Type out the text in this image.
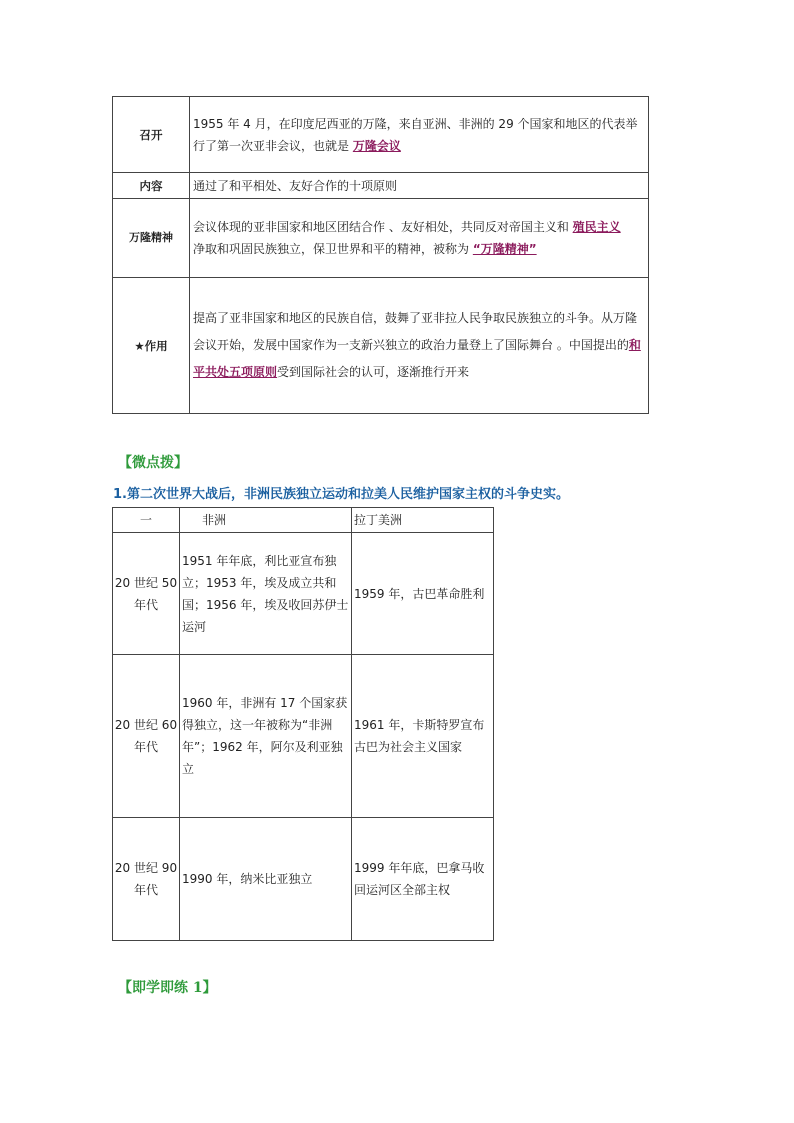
召开	1955 年 4 月，在印度尼西亚的万隆，来自亚洲、非洲的 29 个国家和地区的代表举行了第一次亚非会议，也就是 万隆会议
内容	通过了和平相处、友好合作的十项原则
万隆精神	会议体现的亚非国家和地区团结合作 、友好相处，共同反对帝国主义和 殖民主义
净取和巩固民族独立，保卫世界和平的精神，被称为 “万隆精神”
★作用	提高了亚非国家和地区的民族自信，鼓舞了亚非拉人民争取民族独立的斗争。从万隆会议开始，发展中国家作为一支新兴独立的政治力量登上了国际舞台 。中国提出的和平共处五项原则受到国际社会的认可，逐渐推行开来
【微点拨】
1.第二次世界大战后，非洲民族独立运动和拉美人民维护国家主权的斗争史实。
一	非洲	拉丁美洲
20 世纪 50 年代	1951 年年底，利比亚宣布独立；1953 年，埃及成立共和国；1956 年，埃及收回苏伊士运河	1959 年，古巴革命胜利
20 世纪 60 年代	1960 年，非洲有 17 个国家获得独立，这一年被称为“非洲年”；1962 年，阿尔及利亚独立	1961 年，卡斯特罗宣布古巴为社会主义国家
20 世纪 90 年代	1990 年，纳米比亚独立	1999 年年底，巴拿马收回运河区全部主权
【即学即练 1】
